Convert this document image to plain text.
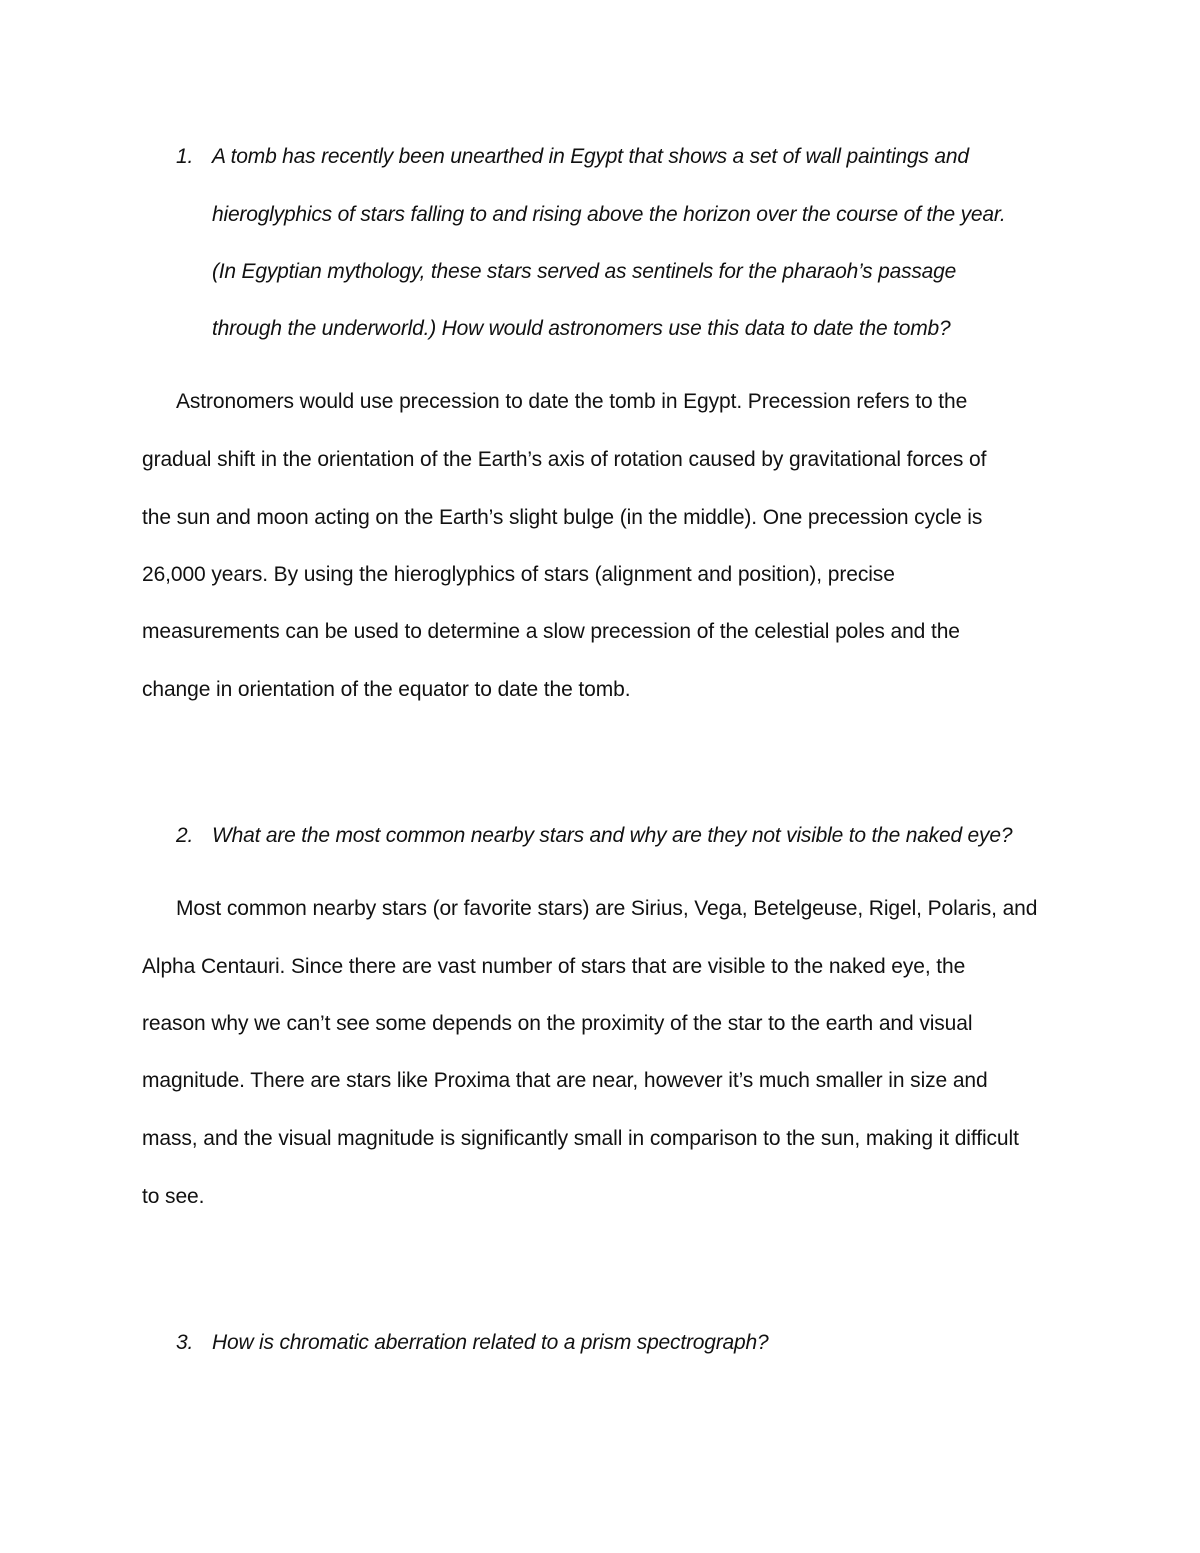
1. A tomb has recently been unearthed in Egypt that shows a set of wall paintings and
hieroglyphics of stars falling to and rising above the horizon over the course of the year.
(In Egyptian mythology, these stars served as sentinels for the pharaoh’s passage
through the underworld.) How would astronomers use this data to date the tomb?
Astronomers would use precession to date the tomb in Egypt. Precession refers to the
gradual shift in the orientation of the Earth’s axis of rotation caused by gravitational forces of
the sun and moon acting on the Earth’s slight bulge (in the middle). One precession cycle is
26,000 years. By using the hieroglyphics of stars (alignment and position), precise
measurements can be used to determine a slow precession of the celestial poles and the
change in orientation of the equator to date the tomb.
2. What are the most common nearby stars and why are they not visible to the naked eye?
Most common nearby stars (or favorite stars) are Sirius, Vega, Betelgeuse, Rigel, Polaris, and
Alpha Centauri. Since there are vast number of stars that are visible to the naked eye, the
reason why we can’t see some depends on the proximity of the star to the earth and visual
magnitude. There are stars like Proxima that are near, however it’s much smaller in size and
mass, and the visual magnitude is significantly small in comparison to the sun, making it difficult
to see.
3. How is chromatic aberration related to a prism spectrograph?
